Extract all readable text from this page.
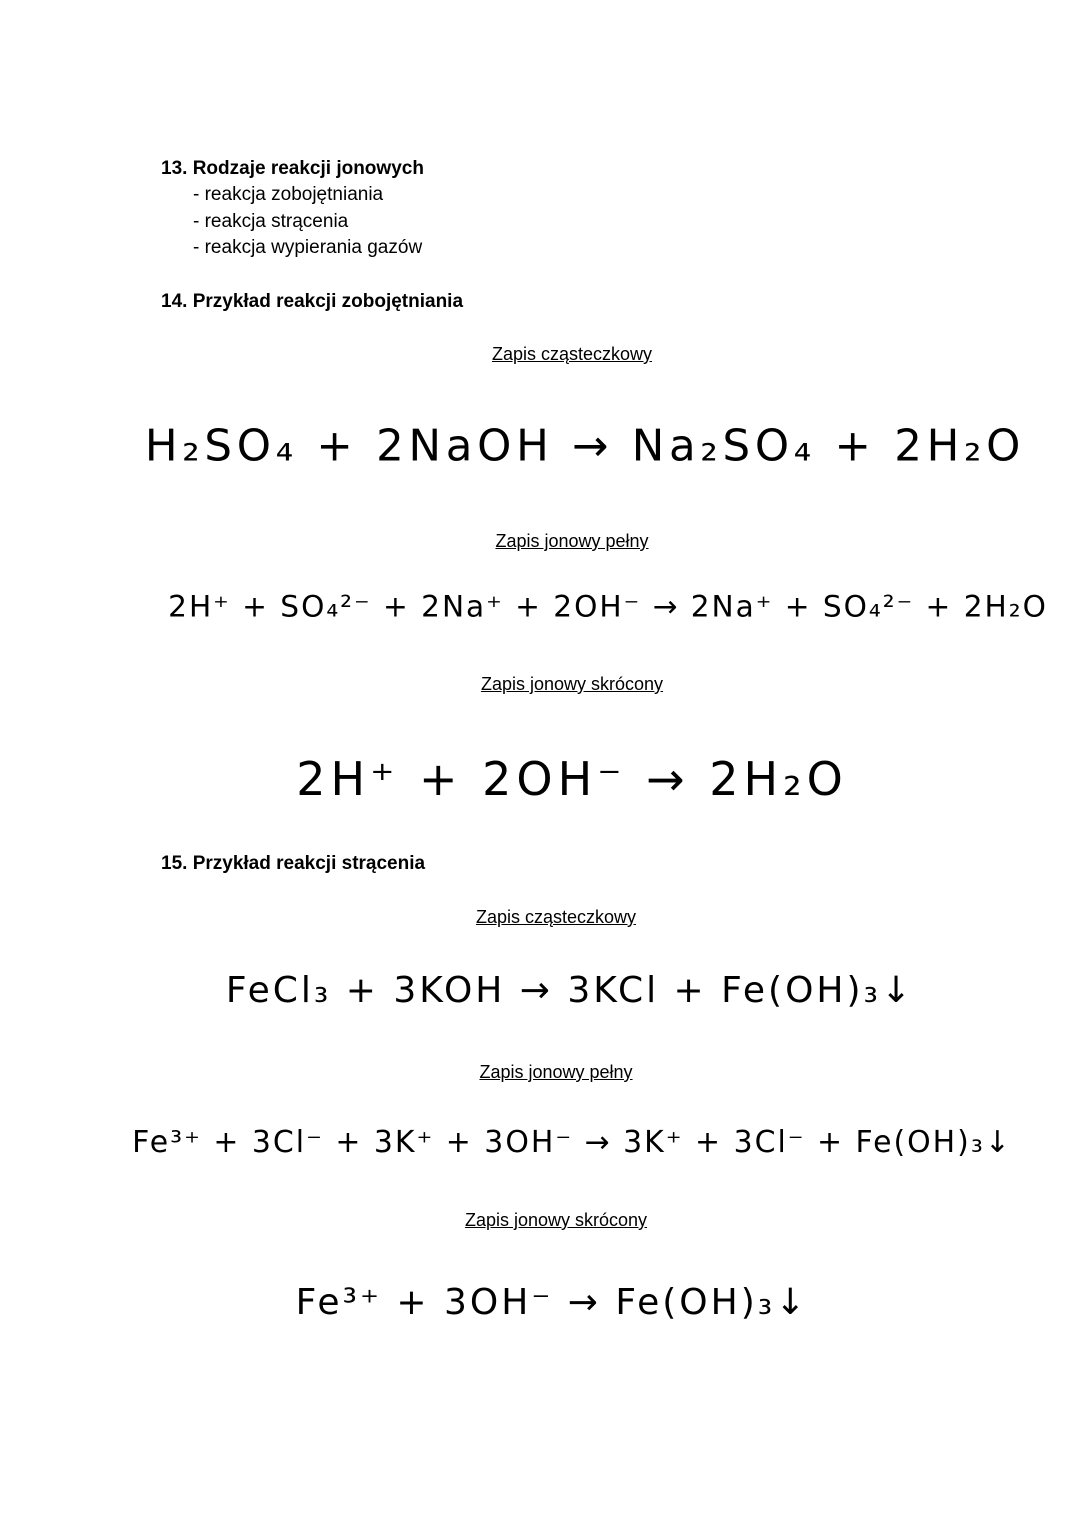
13. Rodzaje reakcji jonowych
- reakcja zobojętniania
- reakcja strącenia
- reakcja wypierania gazów
14. Przykład reakcji zobojętniania
Zapis cząsteczkowy
H₂SO₄ + 2NaOH → Na₂SO₄ + 2H₂O
Zapis jonowy pełny
2H⁺ + SO₄²⁻ + 2Na⁺ + 2OH⁻ → 2Na⁺ + SO₄²⁻ + 2H₂O
Zapis jonowy skrócony
2H⁺ + 2OH⁻ → 2H₂O
15. Przykład reakcji strącenia
Zapis cząsteczkowy
FeCl₃ + 3KOH → 3KCl + Fe(OH)₃↓
Zapis jonowy pełny
Fe³⁺ + 3Cl⁻ + 3K⁺ + 3OH⁻ → 3K⁺ + 3Cl⁻ + Fe(OH)₃↓
Zapis jonowy skrócony
Fe³⁺ + 3OH⁻ → Fe(OH)₃↓
